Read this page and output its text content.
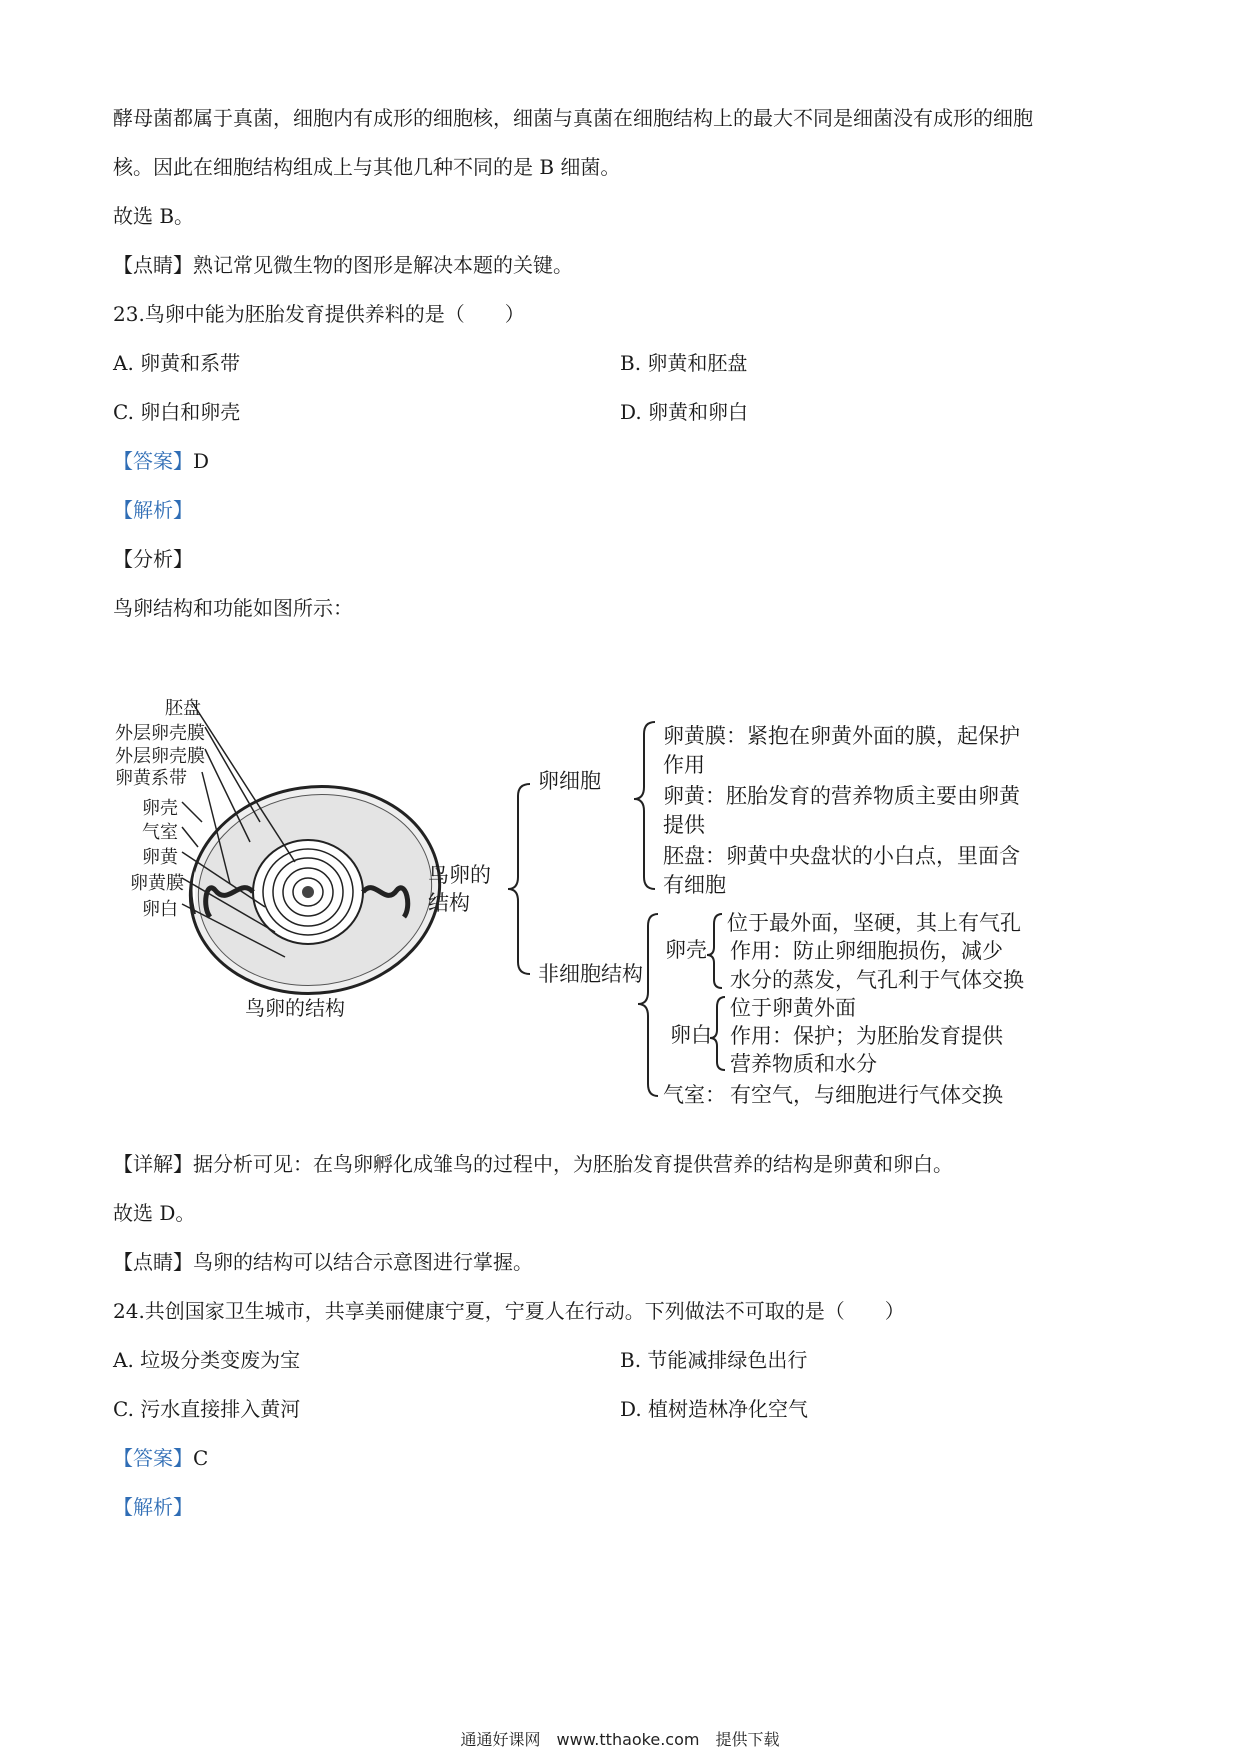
酵母菌都属于真菌，细胞内有成形的细胞核，细菌与真菌在细胞结构上的最大不同是细菌没有成形的细胞
核。因此在细胞结构组成上与其他几种不同的是 B 细菌。
故选 B。
【点睛】熟记常见微生物的图形是解决本题的关键。
23.鸟卵中能为胚胎发育提供养料的是（　　）
A. 卵黄和系带	B. 卵黄和胚盘
C. 卵白和卵壳	D. 卵黄和卵白
【答案】D
【解析】
【分析】
鸟卵结构和功能如图所示：
胚盘
外层卵壳膜
外层卵壳膜
卵黄系带
卵壳
气室
卵黄
卵黄膜
卵白
鸟卵的结构
鸟卵的
结构
卵细胞
非细胞结构
卵黄膜：紧抱在卵黄外面的膜，起保护
作用
卵黄：胚胎发育的营养物质主要由卵黄
提供
胚盘：卵黄中央盘状的小白点，里面含
有细胞
卵壳
位于最外面，坚硬，其上有气孔
作用：防止卵细胞损伤，减少
水分的蒸发，气孔利于气体交换
卵白
位于卵黄外面
作用：保护；为胚胎发育提供
营养物质和水分
气室： 有空气，与细胞进行气体交换
【详解】据分析可见：在鸟卵孵化成雏鸟的过程中，为胚胎发育提供营养的结构是卵黄和卵白。
故选 D。
【点睛】鸟卵的结构可以结合示意图进行掌握。
24.共创国家卫生城市，共享美丽健康宁夏，宁夏人在行动。下列做法不可取的是（　　）
A. 垃圾分类变废为宝	B. 节能减排绿色出行
C. 污水直接排入黄河	D. 植树造林净化空气
【答案】C
【解析】
通通好课网　www.tthaoke.com　提供下载
